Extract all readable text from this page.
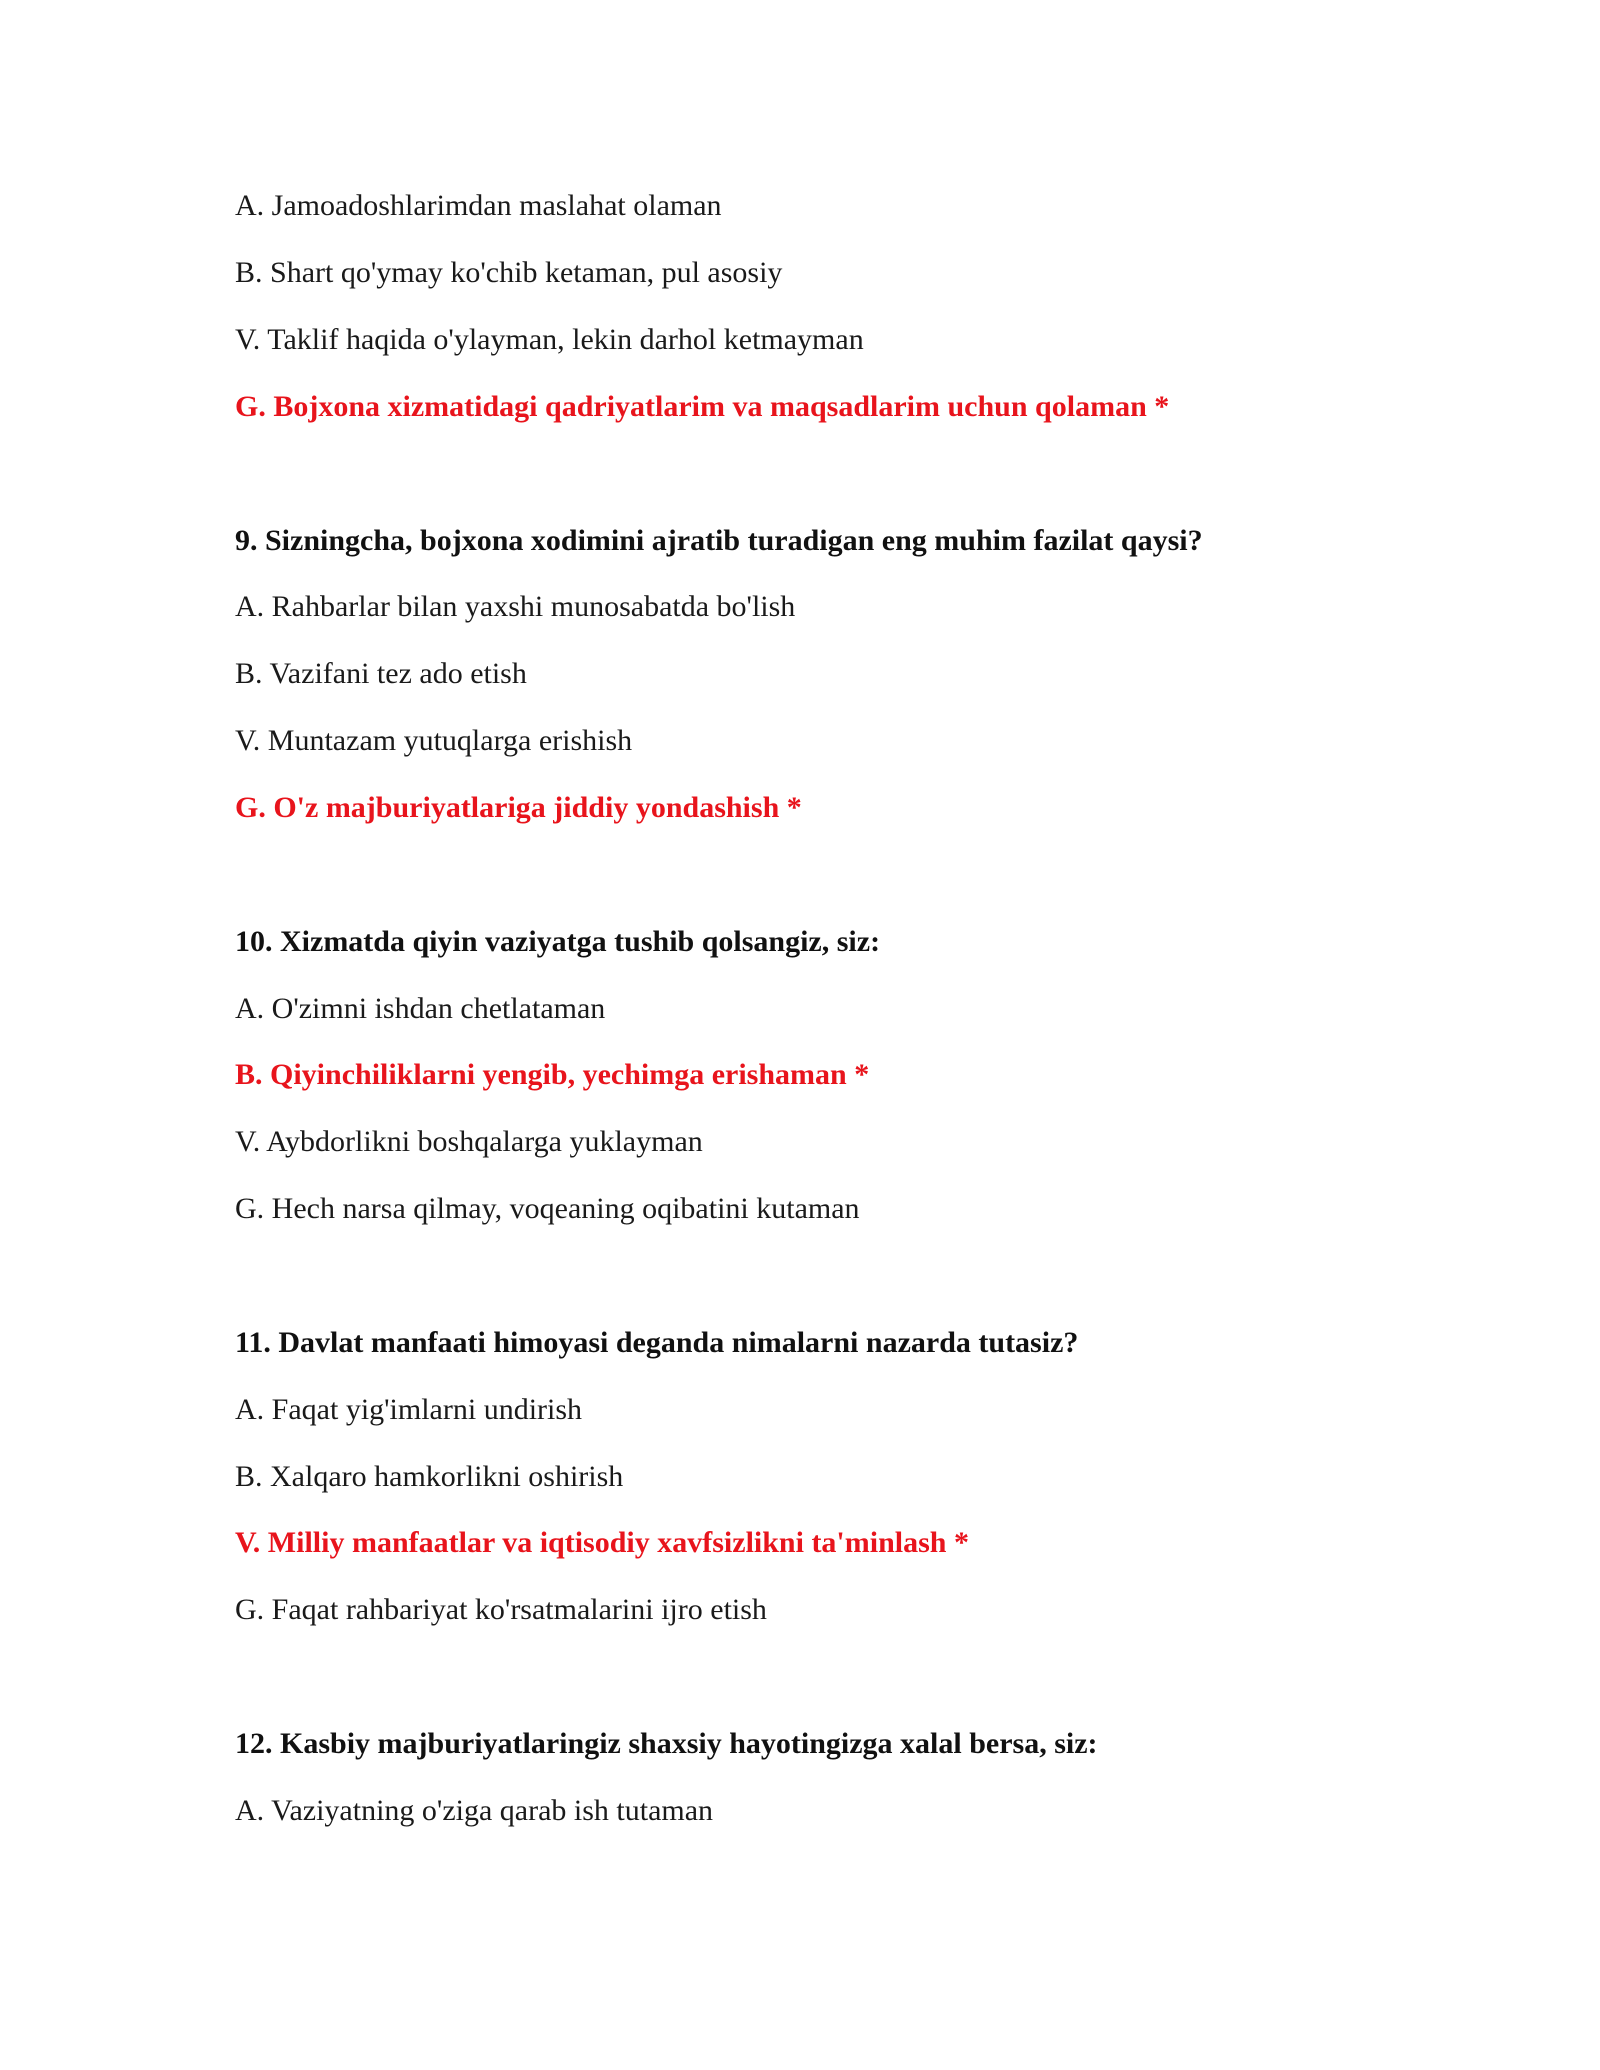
A. Jamoadoshlarimdan maslahat olaman
B. Shart qo'ymay ko'chib ketaman, pul asosiy
V. Taklif haqida o'ylayman, lekin darhol ketmayman
G. Bojxona xizmatidagi qadriyatlarim va maqsadlarim uchun qolaman *
9. Sizningcha, bojxona xodimini ajratib turadigan eng muhim fazilat qaysi?
A. Rahbarlar bilan yaxshi munosabatda bo'lish
B. Vazifani tez ado etish
V. Muntazam yutuqlarga erishish
G. O'z majburiyatlariga jiddiy yondashish *
10. Xizmatda qiyin vaziyatga tushib qolsangiz, siz:
A. O'zimni ishdan chetlataman
B. Qiyinchiliklarni yengib, yechimga erishaman *
V. Aybdorlikni boshqalarga yuklayman
G. Hech narsa qilmay, voqeaning oqibatini kutaman
11. Davlat manfaati himoyasi deganda nimalarni nazarda tutasiz?
A. Faqat yig'imlarni undirish
B. Xalqaro hamkorlikni oshirish
V. Milliy manfaatlar va iqtisodiy xavfsizlikni ta'minlash *
G. Faqat rahbariyat ko'rsatmalarini ijro etish
12. Kasbiy majburiyatlaringiz shaxsiy hayotingizga xalal bersa, siz:
A. Vaziyatning o'ziga qarab ish tutaman
